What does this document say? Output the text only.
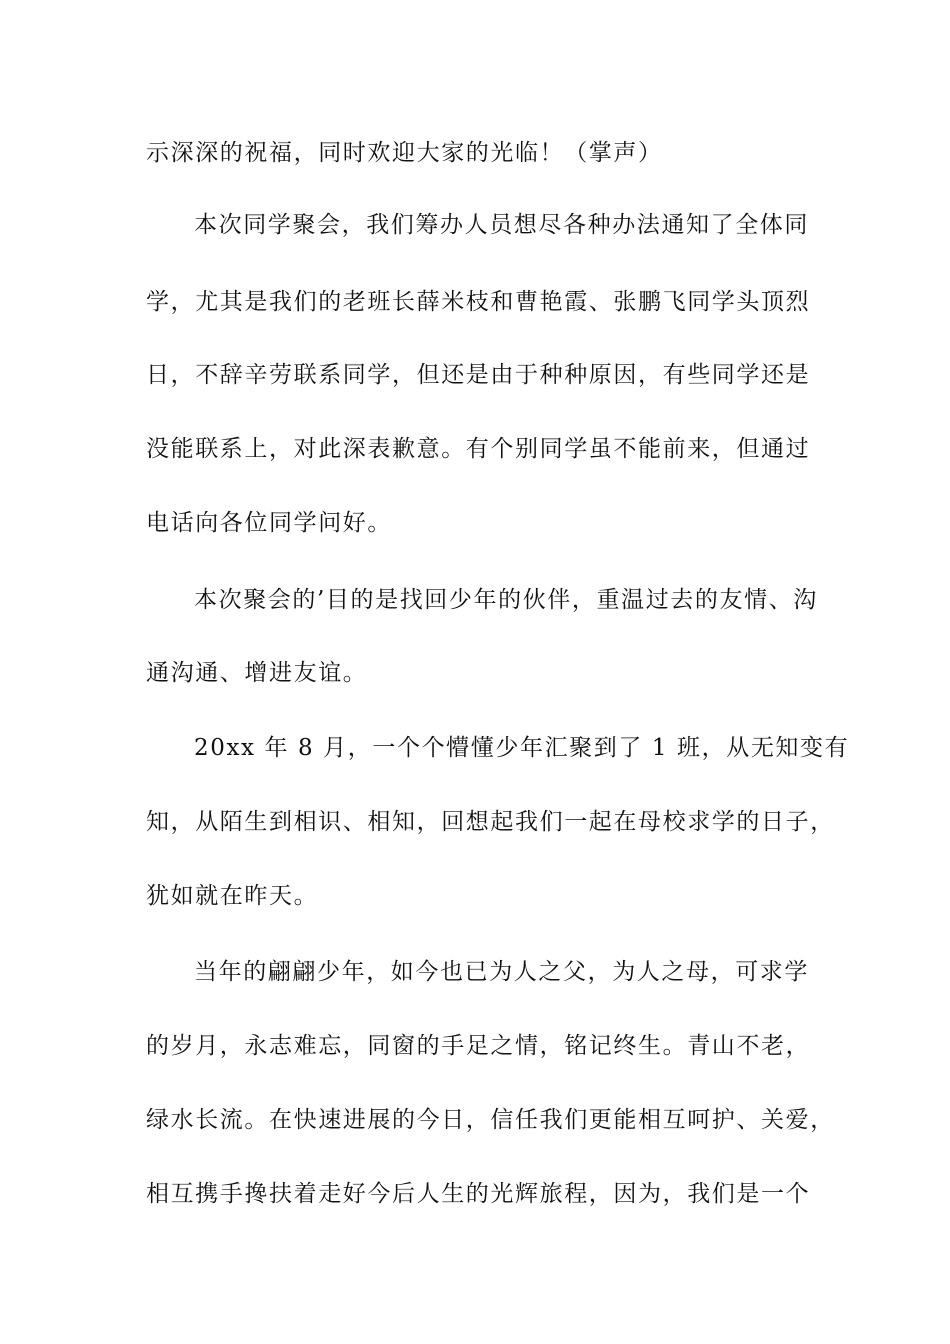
示深深的祝福，同时欢迎大家的光临！（掌声）
本次同学聚会，我们筹办人员想尽各种办法通知了全体同
学，尤其是我们的老班长薛米枝和曹艳霞、张鹏飞同学头顶烈
日，不辞辛劳联系同学，但还是由于种种原因，有些同学还是
没能联系上，对此深表歉意。有个别同学虽不能前来，但通过
电话向各位同学问好。
本次聚会的’目的是找回少年的伙伴，重温过去的友情、沟
通沟通、增进友谊。
20xx 年 8 月，一个个懵懂少年汇聚到了 1 班，从无知变有
知，从陌生到相识、相知，回想起我们一起在母校求学的日子，
犹如就在昨天。
当年的翩翩少年，如今也已为人之父，为人之母，可求学
的岁月，永志难忘，同窗的手足之情，铭记终生。青山不老，
绿水长流。在快速进展的今日，信任我们更能相互呵护、关爱，
相互携手搀扶着走好今后人生的光辉旅程，因为，我们是一个
